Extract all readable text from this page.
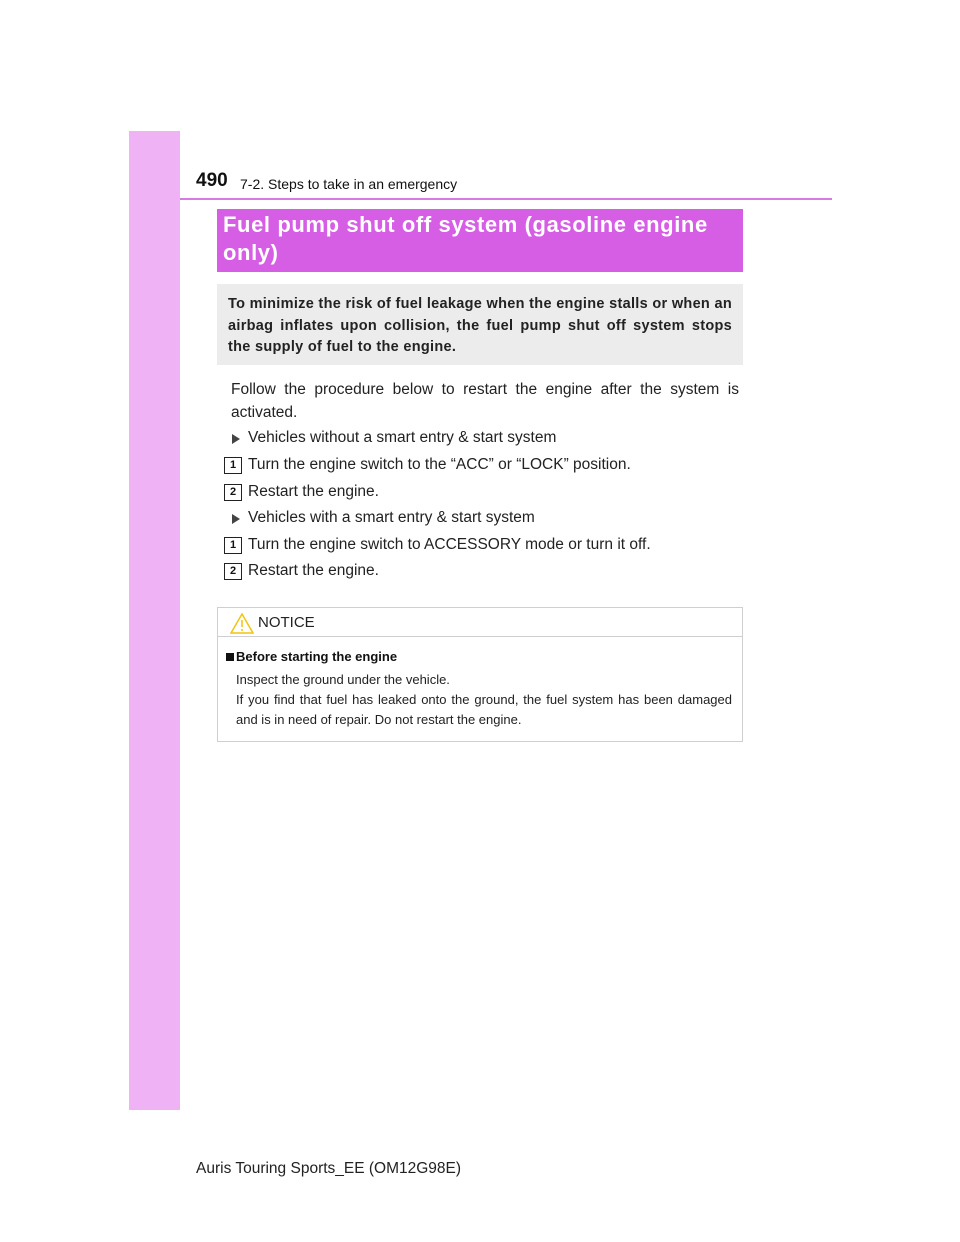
490 7-2. Steps to take in an emergency
Fuel pump shut off system (gasoline engine
only)
To minimize the risk of fuel leakage when the engine stalls or when an airbag inflates upon collision, the fuel pump shut off system stops the supply of fuel to the engine.
Follow the procedure below to restart the engine after the system is activated.
Vehicles without a smart entry & start system
1 Turn the engine switch to the “ACC” or “LOCK” position.
2 Restart the engine.
Vehicles with a smart entry & start system
1 Turn the engine switch to ACCESSORY mode or turn it off.
2 Restart the engine.
NOTICE
Before starting the engine
Inspect the ground under the vehicle.
If you find that fuel has leaked onto the ground, the fuel system has been damaged and is in need of repair. Do not restart the engine.
Auris Touring Sports_EE (OM12G98E)
